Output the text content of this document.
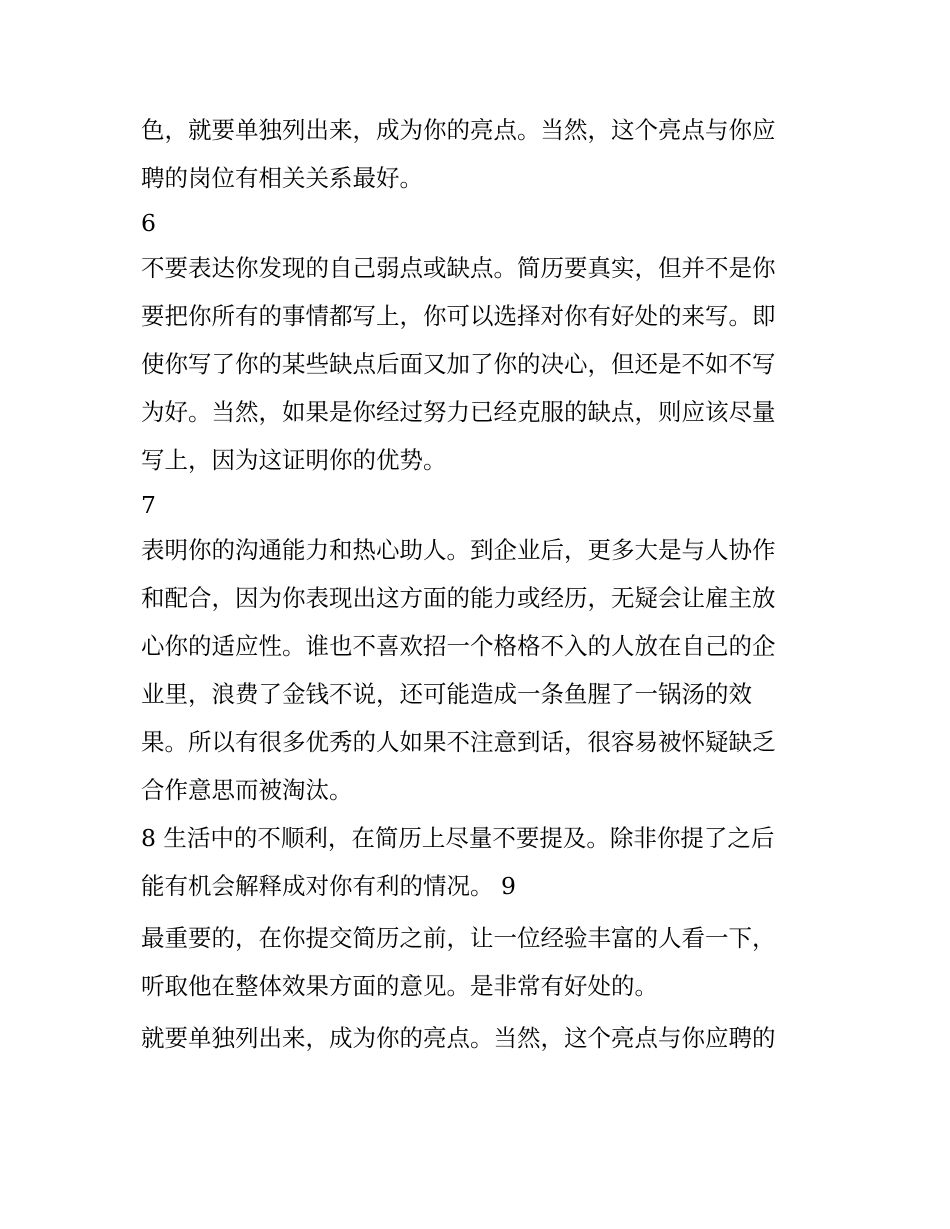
色，就要单独列出来，成为你的亮点。当然，这个亮点与你应
聘的岗位有相关关系最好。
6
不要表达你发现的自己弱点或缺点。简历要真实，但并不是你
要把你所有的事情都写上，你可以选择对你有好处的来写。即
使你写了你的某些缺点后面又加了你的决心，但还是不如不写
为好。当然，如果是你经过努力已经克服的缺点，则应该尽量
写上，因为这证明你的优势。
7
表明你的沟通能力和热心助人。到企业后，更多大是与人协作
和配合，因为你表现出这方面的能力或经历，无疑会让雇主放
心你的适应性。谁也不喜欢招一个格格不入的人放在自己的企
业里，浪费了金钱不说，还可能造成一条鱼腥了一锅汤的效
果。所以有很多优秀的人如果不注意到话，很容易被怀疑缺乏
合作意思而被淘汰。
8 生活中的不顺利，在简历上尽量不要提及。除非你提了之后
能有机会解释成对你有利的情况。 9
最重要的，在你提交简历之前，让一位经验丰富的人看一下，
听取他在整体效果方面的意见。是非常有好处的。
就要单独列出来，成为你的亮点。当然，这个亮点与你应聘的
